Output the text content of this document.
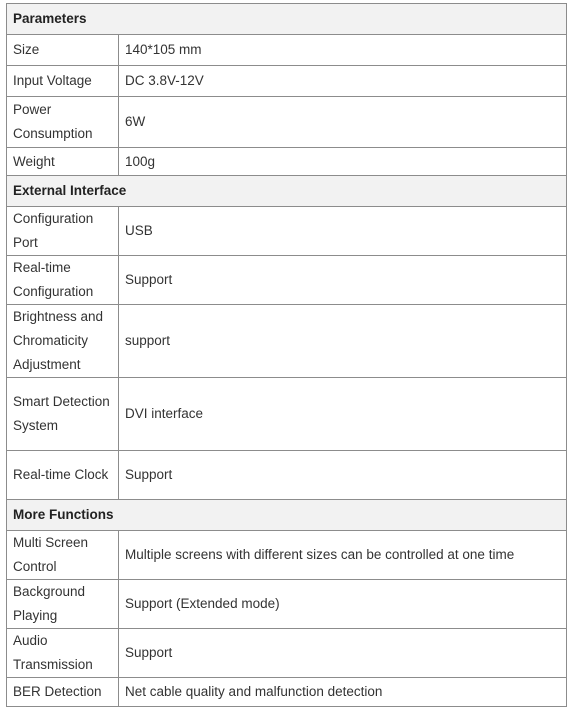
Parameters	
Size	140*105 mm
Input Voltage	DC 3.8V-12V
Power Consumption	6W
Weight	100g
External Interface	
Configuration Port	USB
Real-time Configuration	Support
Brightness and Chromaticity Adjustment	support
Smart Detection System	DVI interface
Real-time Clock	Support
More Functions	
Multi Screen Control	Multiple screens with different sizes can be controlled at one time
Background Playing	Support (Extended mode)
Audio Transmission	Support
BER Detection	Net cable quality and malfunction detection
